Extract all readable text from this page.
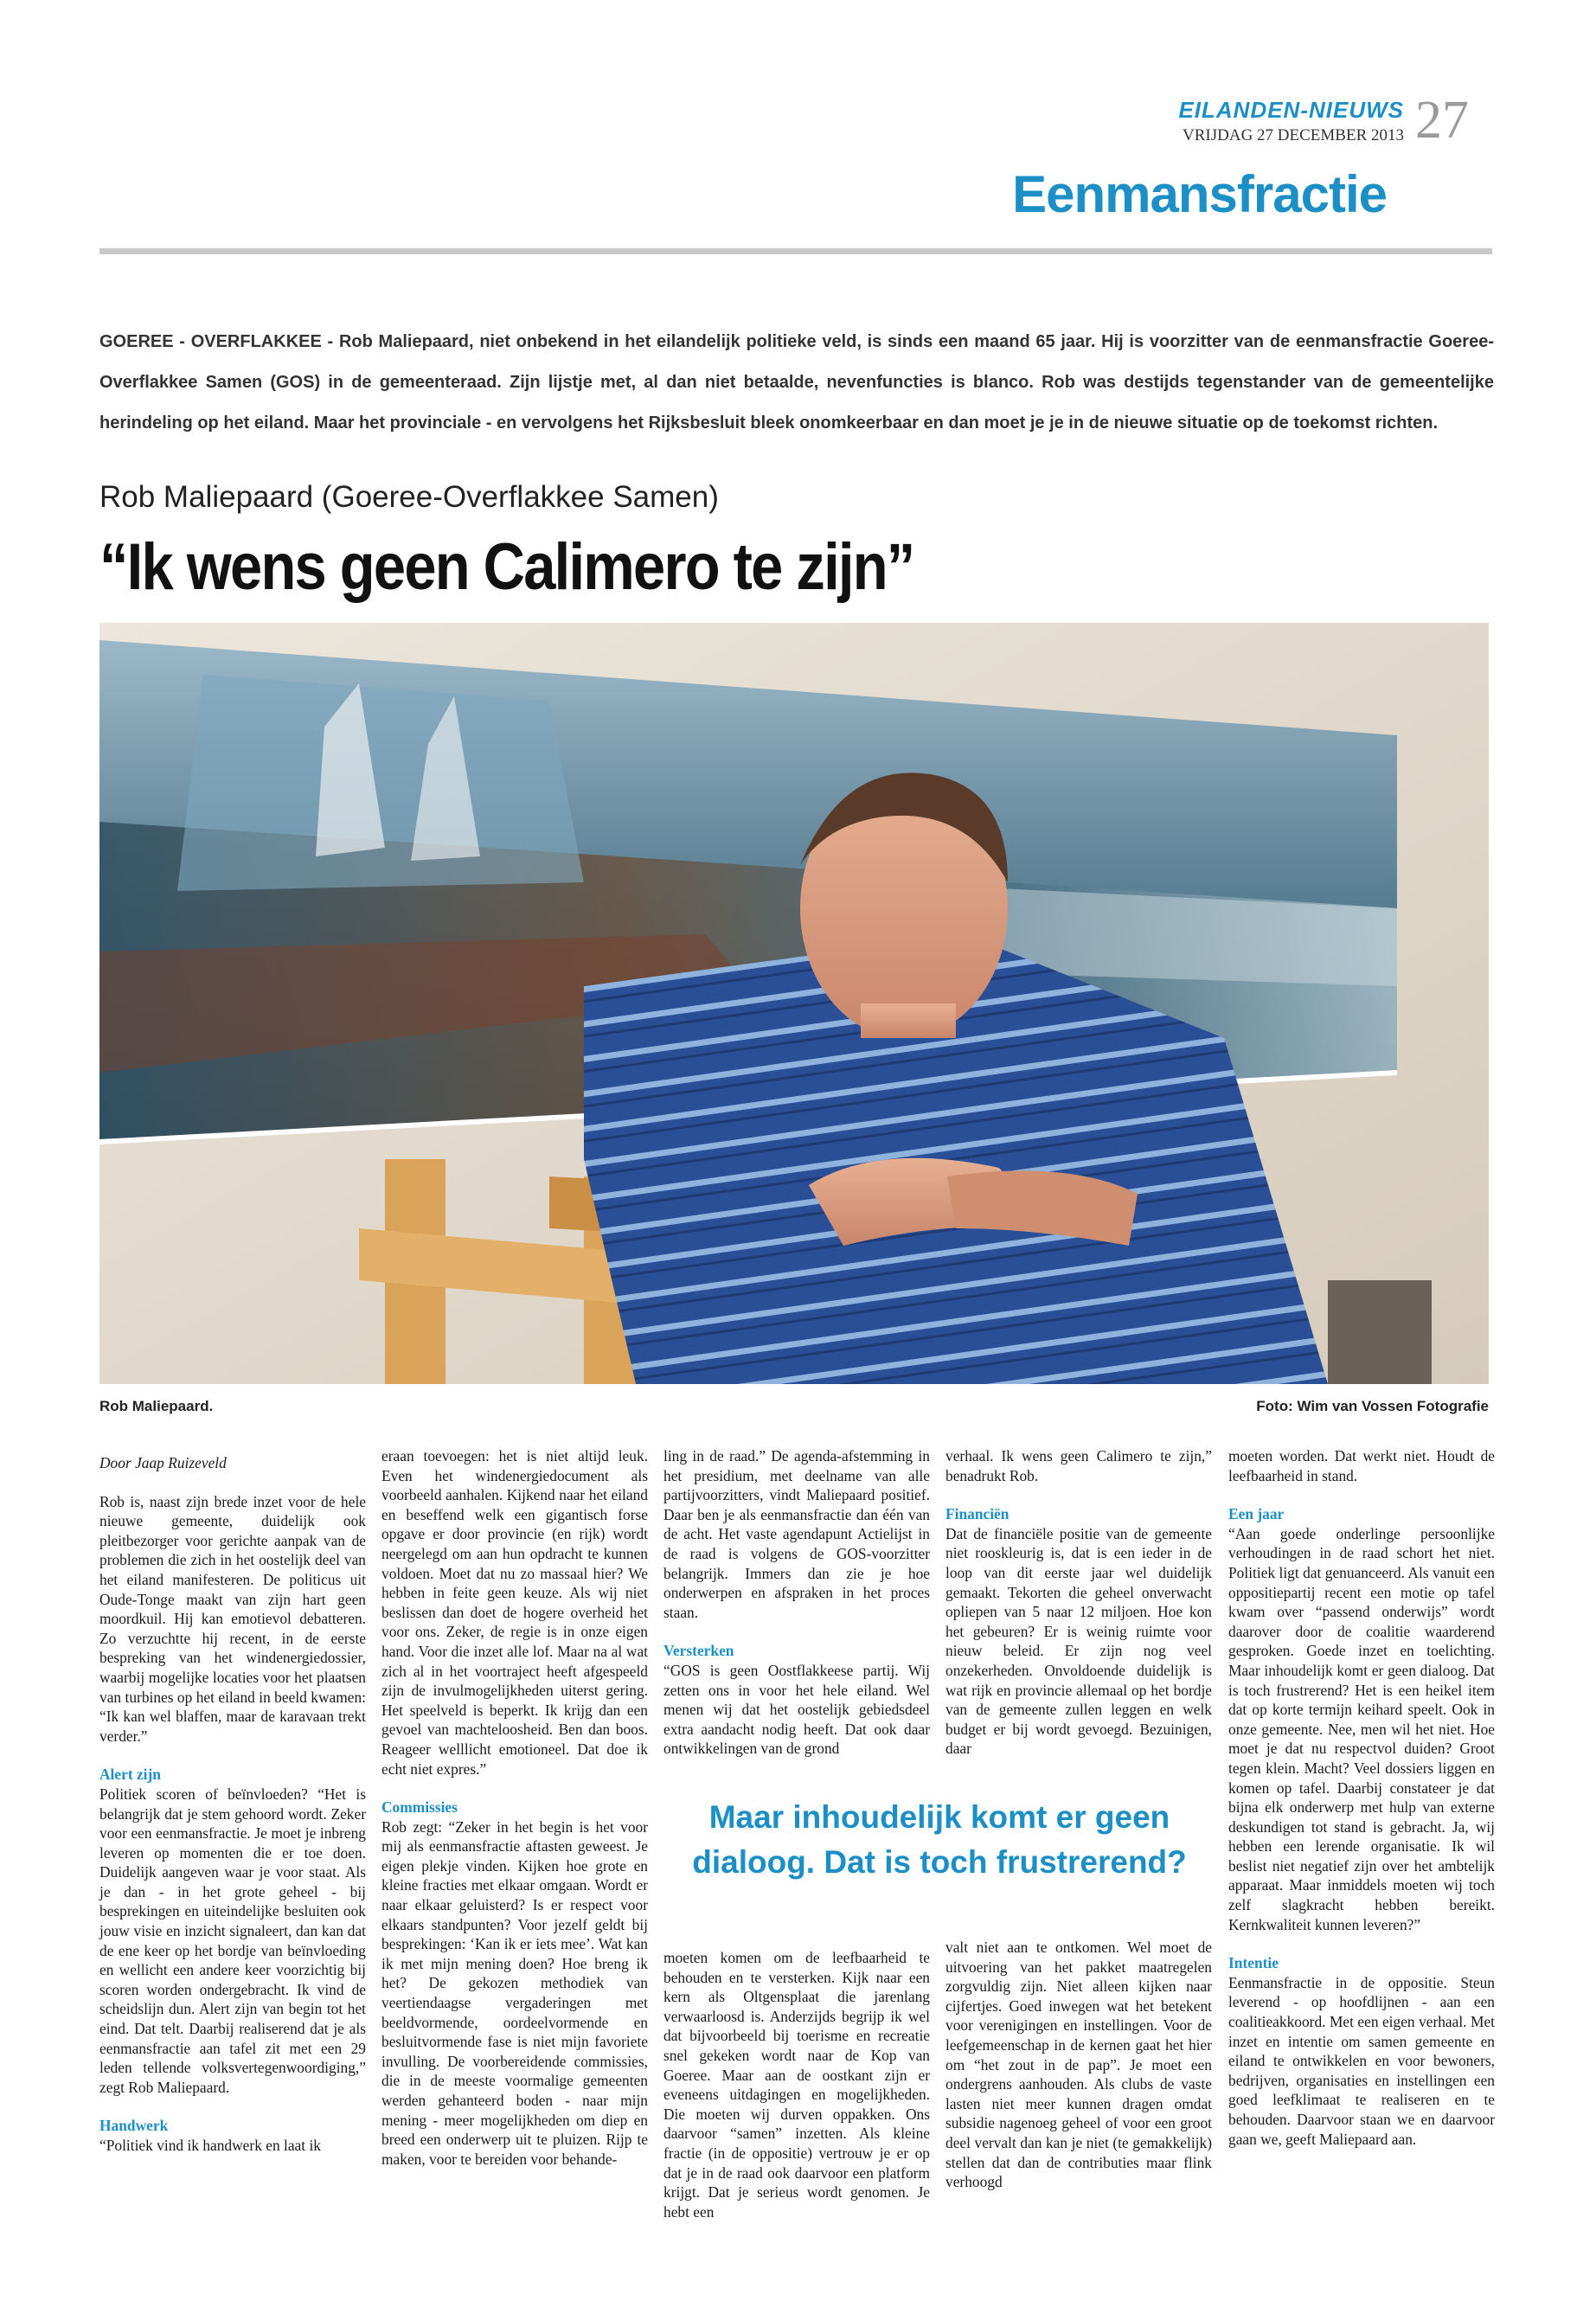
EILANDEN-NIEUWS
VRIJDAG 27 DECEMBER 2013 27
Eenmansfractie
GOEREE - OVERFLAKKEE - Rob Maliepaard, niet onbekend in het eilandelijk politieke veld, is sinds een maand 65 jaar. Hij is voorzitter van de eenmansfractie Goeree-Overflakkee Samen (GOS) in de gemeenteraad. Zijn lijstje met, al dan niet betaalde, nevenfuncties is blanco. Rob was destijds tegenstander van de gemeentelijke herindeling op het eiland. Maar het provinciale - en vervolgens het Rijksbesluit bleek onomkeerbaar en dan moet je je in de nieuwe situatie op de toekomst richten.
Rob Maliepaard (Goeree-Overflakkee Samen)
“Ik wens geen Calimero te zijn”
Rob Maliepaard.	Foto: Wim van Vossen Fotografie

Door Jaap Ruizeveld

Rob is, naast zijn brede inzet voor de hele nieuwe gemeente, duidelijk ook pleitbezorger voor gerichte aanpak van de problemen die zich in het oostelijk deel van het eiland manifesteren. De politicus uit Oude-Tonge maakt van zijn hart geen moordkuil. Hij kan emotievol debatteren. Zo verzuchtte hij recent, in de eerste bespreking van het windenergiedossier, waarbij mogelijke locaties voor het plaatsen van turbines op het eiland in beeld kwamen: “Ik kan wel blaffen, maar de karavaan trekt verder.”

Alert zijn

Politiek scoren of beïnvloeden? “Het is belangrijk dat je stem gehoord wordt. Zeker voor een eenmansfractie. Je moet je inbreng leveren op momenten die er toe doen. Duidelijk aangeven waar je voor staat. Als je dan - in het grote geheel - bij besprekingen en uiteindelijke besluiten ook jouw visie en inzicht signaleert, dan kan dat de ene keer op het bordje van beïnvloeding en wellicht een andere keer voorzichtig bij scoren worden ondergebracht. Ik vind de scheidslijn dun. Alert zijn van begin tot het eind. Dat telt. Daarbij realiserend dat je als eenmansfractie aan tafel zit met een 29 leden tellende volksvertegenwoordiging,” zegt Rob Maliepaard.

Handwerk

“Politiek vind ik handwerk en laat ik

eraan toevoegen: het is niet altijd leuk. Even het windenergiedocument als voorbeeld aanhalen. Kijkend naar het eiland en beseffend welk een gigantisch forse opgave er door provincie (en rijk) wordt neergelegd om aan hun opdracht te kunnen voldoen. Moet dat nu zo massaal hier? We hebben in feite geen keuze. Als wij niet beslissen dan doet de hogere overheid het voor ons. Zeker, de regie is in onze eigen hand. Voor die inzet alle lof. Maar na al wat zich al in het voortraject heeft afgespeeld zijn de invulmogelijkheden uiterst gering. Het speelveld is beperkt. Ik krijg dan een gevoel van machteloosheid. Ben dan boos. Reageer welllicht emotioneel. Dat doe ik echt niet expres.”

Commissies

Rob zegt: “Zeker in het begin is het voor mij als eenmansfractie aftasten geweest. Je eigen plekje vinden. Kijken hoe grote en kleine fracties met elkaar omgaan. Wordt er naar elkaar geluisterd? Is er respect voor elkaars standpunten? Voor jezelf geldt bij besprekingen: ‘Kan ik er iets mee’. Wat kan ik met mijn mening doen? Hoe breng ik het? De gekozen methodiek van veertiendaagse vergaderingen met beeldvormende, oordeelvormende en besluitvormende fase is niet mijn favoriete invulling. De voorbereidende commissies, die in de meeste voormalige gemeenten werden gehanteerd boden - naar mijn mening - meer mogelijkheden om diep en breed een onderwerp uit te pluizen. Rijp te maken, voor te bereiden voor behande-

ling in de raad.” De agenda-afstemming in het presidium, met deelname van alle partijvoorzitters, vindt Maliepaard positief. Daar ben je als eenmansfractie dan één van de acht. Het vaste agendapunt Actielijst in de raad is volgens de GOS-voorzitter belangrijk. Immers dan zie je hoe onderwerpen en afspraken in het proces staan.

Versterken

“GOS is geen Oostflakkeese partij. Wij zetten ons in voor het hele eiland. Wel menen wij dat het oostelijk gebiedsdeel extra aandacht nodig heeft. Dat ook daar ontwikkelingen van de grond

moeten komen om de leefbaarheid te behouden en te versterken. Kijk naar een kern als Oltgensplaat die jarenlang verwaarloosd is. Anderzijds begrijp ik wel dat bijvoorbeeld bij toerisme en recreatie snel gekeken wordt naar de Kop van Goeree. Maar aan de oostkant zijn er eveneens uitdagingen en mogelijkheden. Die moeten wij durven oppakken. Ons daarvoor “samen” inzetten. Als kleine fractie (in de oppositie) vertrouw je er op dat je in de raad ook daarvoor een platform krijgt. Dat je serieus wordt genomen. Je hebt een

verhaal. Ik wens geen Calimero te zijn,” benadrukt Rob.

Financiën

Dat de financiële positie van de gemeente niet rooskleurig is, dat is een ieder in de loop van dit eerste jaar wel duidelijk gemaakt. Tekorten die geheel onverwacht opliepen van 5 naar 12 miljoen. Hoe kon het gebeuren? Er is weinig ruimte voor nieuw beleid. Er zijn nog veel onzekerheden. Onvoldoende duidelijk is wat rijk en provincie allemaal op het bordje van de gemeente zullen leggen en welk budget er bij wordt gevoegd. Bezuinigen, daar

valt niet aan te ontkomen. Wel moet de uitvoering van het pakket maatregelen zorgvuldig zijn. Niet alleen kijken naar cijfertjes. Goed inwegen wat het betekent voor verenigingen en instellingen. Voor de leefgemeenschap in de kernen gaat het hier om “het zout in de pap”. Je moet een ondergrens aanhouden. Als clubs de vaste lasten niet meer kunnen dragen omdat subsidie nagenoeg geheel of voor een groot deel vervalt dan kan je niet (te gemakkelijk) stellen dat dan de contributies maar flink verhoogd

moeten worden. Dat werkt niet. Houdt de leefbaarheid in stand.

Een jaar

“Aan goede onderlinge persoonlijke verhoudingen in de raad schort het niet. Politiek ligt dat genuanceerd. Als vanuit een oppositiepartij recent een motie op tafel kwam over “passend onderwijs” wordt daarover door de coalitie waarderend gesproken. Goede inzet en toelichting. Maar inhoudelijk komt er geen dialoog. Dat is toch frustrerend? Het is een heikel item dat op korte termijn keihard speelt. Ook in onze gemeente. Nee, men wil het niet. Hoe moet je dat nu respectvol duiden? Groot tegen klein. Macht? Veel dossiers liggen en komen op tafel. Daarbij constateer je dat bijna elk onderwerp met hulp van externe deskundigen tot stand is gebracht. Ja, wij hebben een lerende organisatie. Ik wil beslist niet negatief zijn over het ambtelijk apparaat. Maar inmiddels moeten wij toch zelf slagkracht hebben bereikt. Kernkwaliteit kunnen leveren?”

Intentie

Eenmansfractie in de oppositie. Steun leverend - op hoofdlijnen - aan een coalitieakkoord. Met een eigen verhaal. Met inzet en intentie om samen gemeente en eiland te ontwikkelen en voor bewoners, bedrijven, organisaties en instellingen een goed leefklimaat te realiseren en te behouden. Daarvoor staan we en daarvoor gaan we, geeft Maliepaard aan.

Maar inhoudelijk komt er geen dialoog. Dat is toch frustrerend?
